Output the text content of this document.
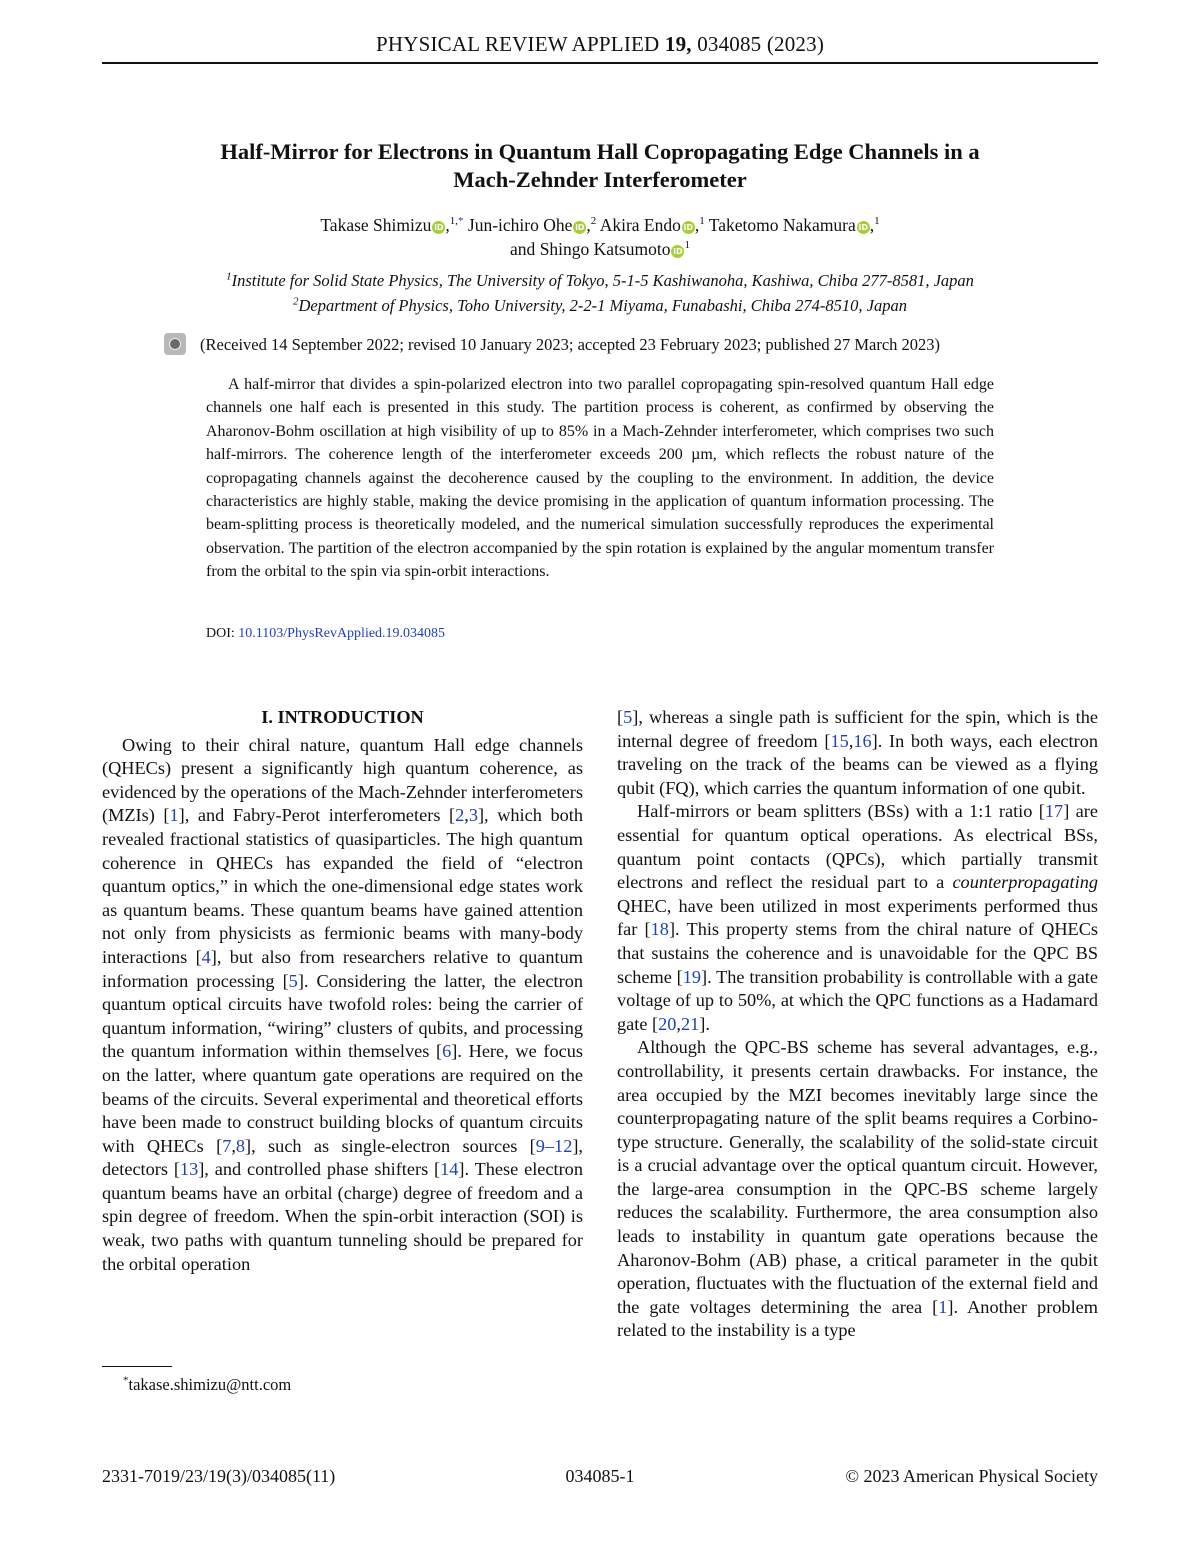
PHYSICAL REVIEW APPLIED 19, 034085 (2023)
Half-Mirror for Electrons in Quantum Hall Copropagating Edge Channels in a
Mach-Zehnder Interferometer
Takase Shimizu iD ,$^{1,*}$ Jun-ichiro Ohe iD ,$^2$ Akira Endo iD ,$^1$ Taketomo Nakamura iD ,$^1$
and Shingo Katsumoto $iD^1$
$^1$Institute for Solid State Physics, The University of Tokyo, 5-1-5 Kashiwanoha, Kashiwa, Chiba 277-8581, Japan
$^2$Department of Physics, Toho University, 2-2-1 Miyama, Funabashi, Chiba 274-8510, Japan
(Received 14 September 2022; revised 10 January 2023; accepted 23 February 2023; published 27 March 2023)
A half-mirror that divides a spin-polarized electron into two parallel copropagating spin-resolved quantum Hall edge channels one half each is presented in this study. The partition process is coherent, as confirmed by observing the Aharonov-Bohm oscillation at high visibility of up to 85% in a Mach-Zehnder interferometer, which comprises two such half-mirrors. The coherence length of the interferometer exceeds 200 µm, which reflects the robust nature of the copropagating channels against the decoherence caused by the coupling to the environment. In addition, the device characteristics are highly stable, making the device promising in the application of quantum information processing. The beam-splitting process is theoretically modeled, and the numerical simulation successfully reproduces the experimental observation. The partition of the electron accompanied by the spin rotation is explained by the angular momentum transfer from the orbital to the spin via spin-orbit interactions.
DOI: 10.1103/PhysRevApplied.19.034085
I. INTRODUCTION

Owing to their chiral nature, quantum Hall edge channels (QHECs) present a significantly high quantum coherence, as evidenced by the operations of the Mach-Zehnder interferometers (MZIs) [1], and Fabry-Perot interferometers [2,3], which both revealed fractional statistics of quasiparticles. The high quantum coherence in QHECs has expanded the field of “electron quantum optics,” in which the one-dimensional edge states work as quantum beams. These quantum beams have gained attention not only from physicists as fermionic beams with many-body interactions [4], but also from researchers relative to quantum information processing [5]. Considering the latter, the electron quantum optical circuits have twofold roles: being the carrier of quantum information, “wiring” clusters of qubits, and processing the quantum information within themselves [6]. Here, we focus on the latter, where quantum gate operations are required on the beams of the circuits. Several experimental and theoretical efforts have been made to construct building blocks of quantum circuits with QHECs [7,8], such as single-electron sources [9–12], detectors [13], and controlled phase shifters [14]. These electron quantum beams have an orbital (charge) degree of freedom and a spin degree of freedom. When the spin-orbit interaction (SOI) is weak, two paths with quantum tunneling should be prepared for the orbital operation

[5], whereas a single path is sufficient for the spin, which is the internal degree of freedom [15,16]. In both ways, each electron traveling on the track of the beams can be viewed as a flying qubit (FQ), which carries the quantum information of one qubit.

Half-mirrors or beam splitters (BSs) with a 1:1 ratio [17] are essential for quantum optical operations. As electrical BSs, quantum point contacts (QPCs), which partially transmit electrons and reflect the residual part to a counterpropagating QHEC, have been utilized in most experiments performed thus far [18]. This property stems from the chiral nature of QHECs that sustains the coherence and is unavoidable for the QPC BS scheme [19]. The transition probability is controllable with a gate voltage of up to 50%, at which the QPC functions as a Hadamard gate [20,21].

Although the QPC-BS scheme has several advantages, e.g., controllability, it presents certain drawbacks. For instance, the area occupied by the MZI becomes inevitably large since the counterpropagating nature of the split beams requires a Corbino-type structure. Generally, the scalability of the solid-state circuit is a crucial advantage over the optical quantum circuit. However, the large-area consumption in the QPC-BS scheme largely reduces the scalability. Furthermore, the area consumption also leads to instability in quantum gate operations because the Aharonov-Bohm (AB) phase, a critical parameter in the qubit operation, fluctuates with the fluctuation of the external field and the gate voltages determining the area [1]. Another problem related to the instability is a type

*takase.shimizu@ntt.com
2331-7019/23/19(3)/034085(11)	034085-1	© 2023 American Physical Society
